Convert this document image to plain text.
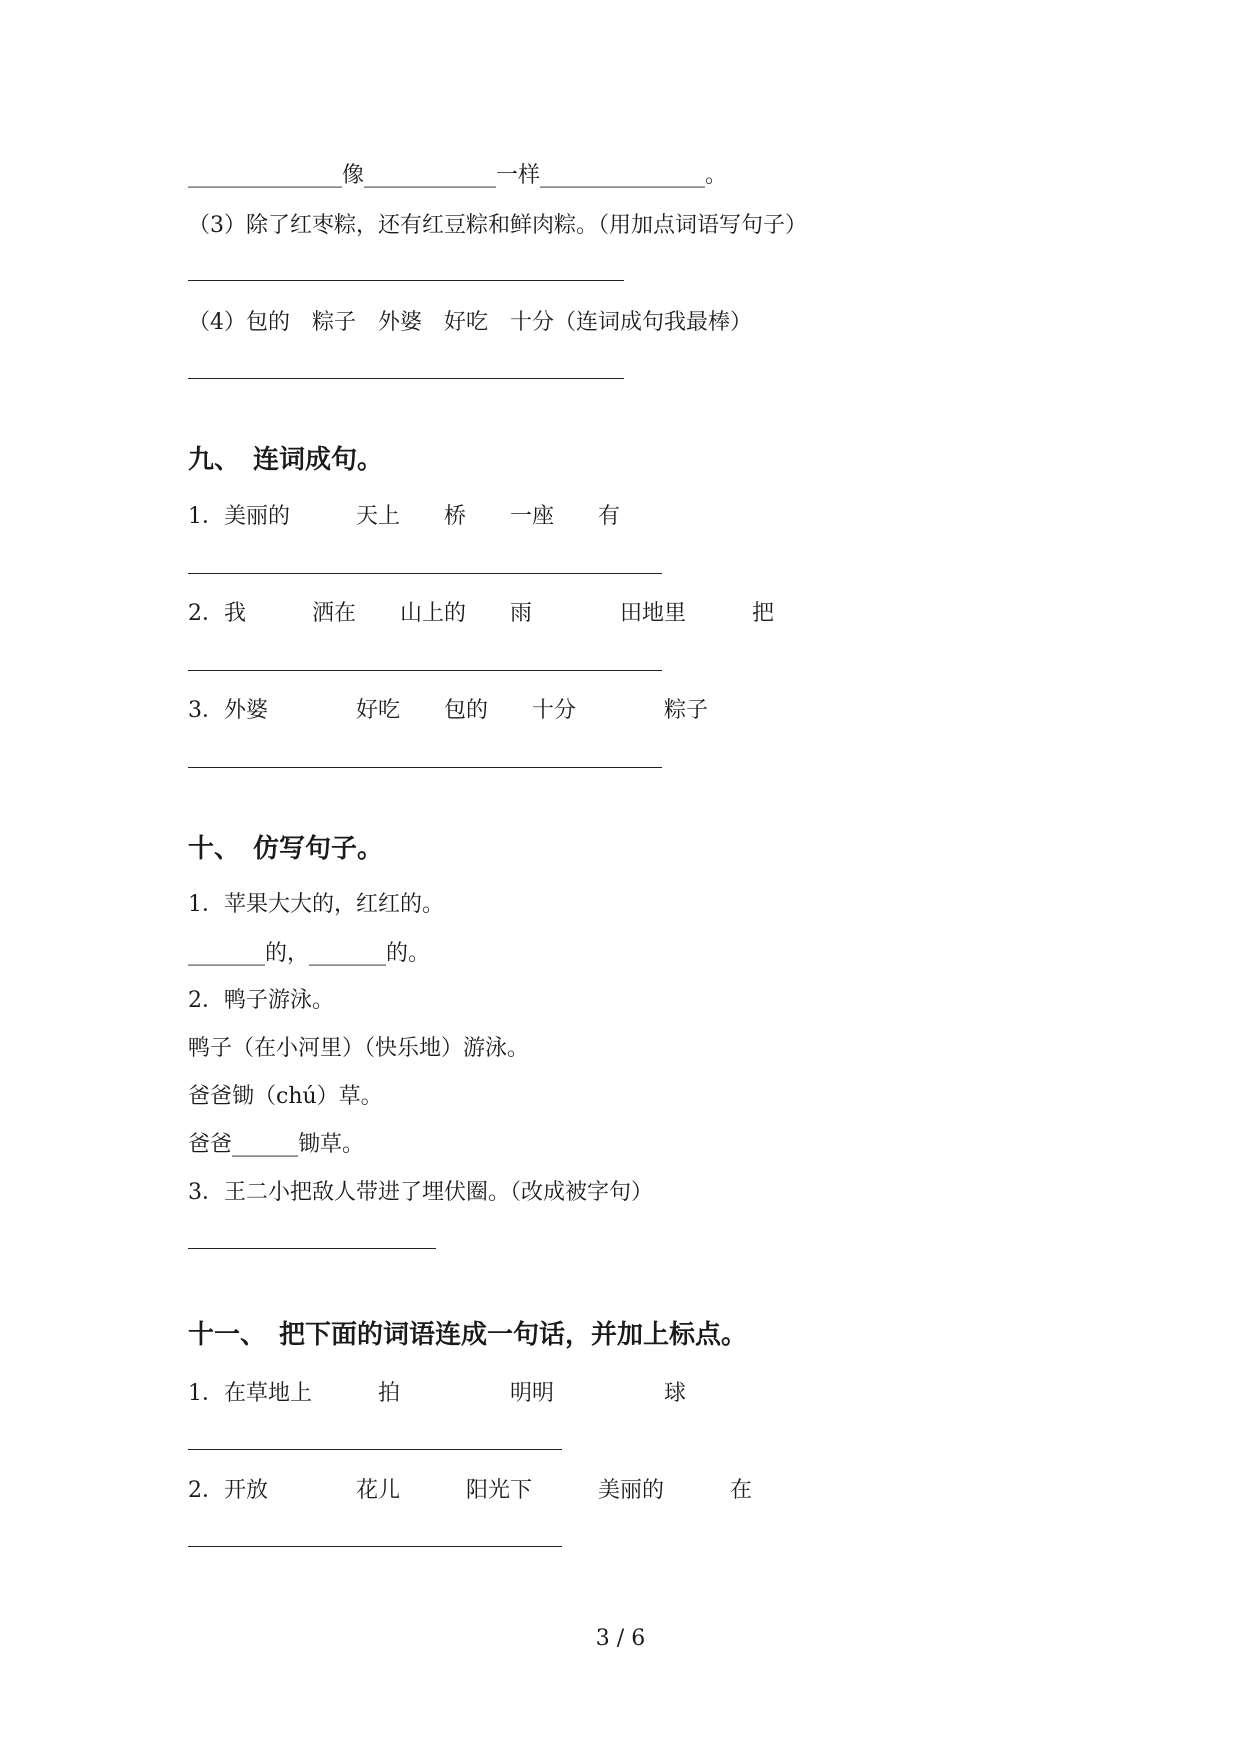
______________像____________一样_______________。
（3）除了红枣粽，还有红豆粽和鲜肉粽。（用加点词语写句子）
（4）包的　粽子　外婆　好吃　十分（连词成句我最棒）
九、　连词成句。
1．美丽的　　　天上　　桥　　一座　　有
2．我　　　洒在　　山上的　　雨　　　　田地里　　　把
3．外婆　　　　好吃　　包的　　十分　　　　粽子
十、　仿写句子。
1．苹果大大的，红红的。
_______的，_______的。
2．鸭子游泳。
鸭子（在小河里）（快乐地）游泳。
爸爸锄（chú）草。
爸爸______锄草。
3．王二小把敌人带进了埋伏圈。（改成被字句）
十一、　把下面的词语连成一句话，并加上标点。
1．在草地上　　　拍　　　　　明明　　　　　球
2．开放　　　　花儿　　　阳光下　　　美丽的　　　在
3 / 6
